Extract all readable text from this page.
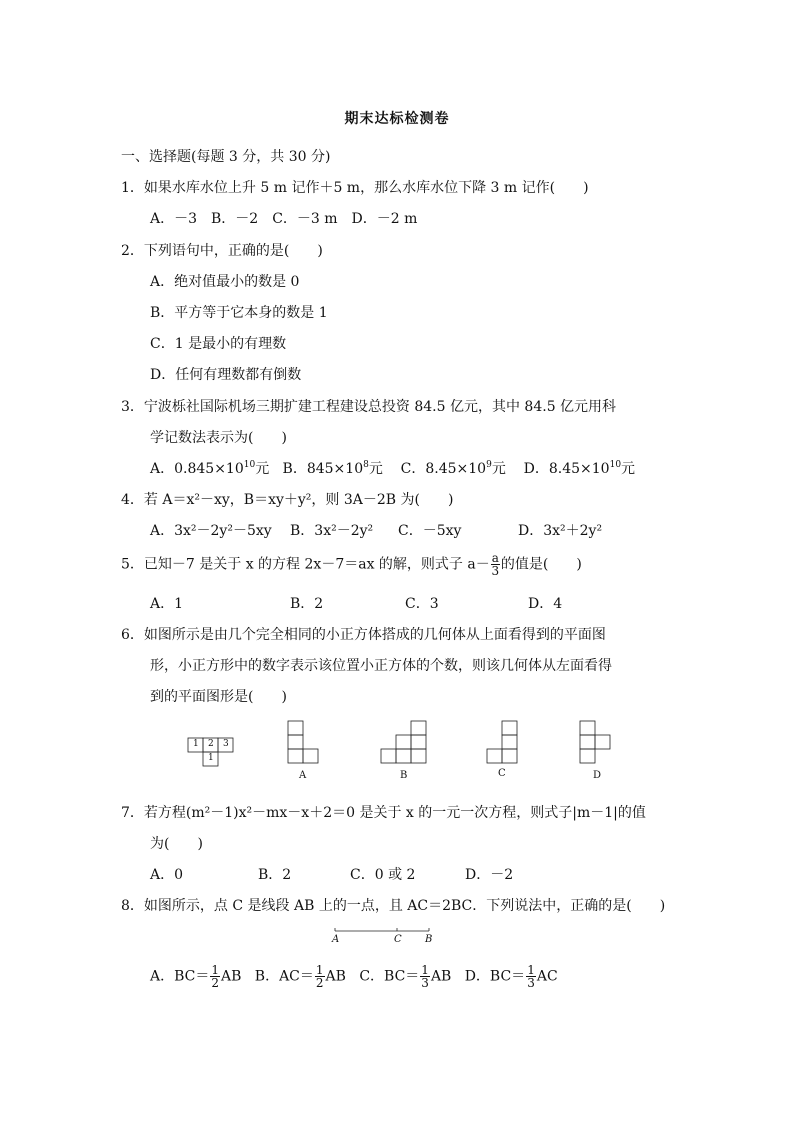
期末达标检测卷
一、选择题(每题 3 分，共 30 分)
1．如果水库水位上升 5 m 记作＋5 m，那么水库水位下降 3 m 记作(　　)
A．－3　B．－2　C．－3 m　D．－2 m
2．下列语句中，正确的是(　　)
A．绝对值最小的数是 0
B．平方等于它本身的数是 1
C．1 是最小的有理数
D．任何有理数都有倒数
3．宁波栎社国际机场三期扩建工程建设总投资 84.5 亿元，其中 84.5 亿元用科
学记数法表示为(　　)
A．$0.845\times 10^{10}$元 B．$845\times 10^8$元 C．$8.45\times 10^9$元 D．$8.45\times 10^{10}$元
4．若 A＝x²－xy，B＝xy＋y²，则 3A－2B 为(　　)
A．3x²－2y²－5xy B．3x²－2y² C．－5xy	D．3x²＋2y²
5．已知－7 是关于 x 的方程 2x－7＝ax 的解，则式子 $a- \frac{a}{3}$ 的值是(　　)
A．1	B．2	C．3	D．4
6．如图所示是由几个完全相同的小正方体搭成的几何体从上面看得到的平面图
形，小正方形中的数字表示该位置小正方体的个数，则该几何体从左面看得
到的平面图形是(　　)
1 2 3
1
A	B	C	D
7．若方程(m²－1)x²－mx－x＋2＝0 是关于 x 的一元一次方程，则式子|m－1|的值
为(　　)
A．0	B．2	C．0 或 2	D．－2
8．如图所示，点 C 是线段 AB 上的一点，且 AC＝2BC．下列说法中，正确的是(　　)
A	C B
A．$BC= \frac{1}{2}$ AB B．$AC= \frac{1}{2}$ AB C．$BC= \frac{1}{3}$ AB D．$BC= \frac{1}{3}$ AC
